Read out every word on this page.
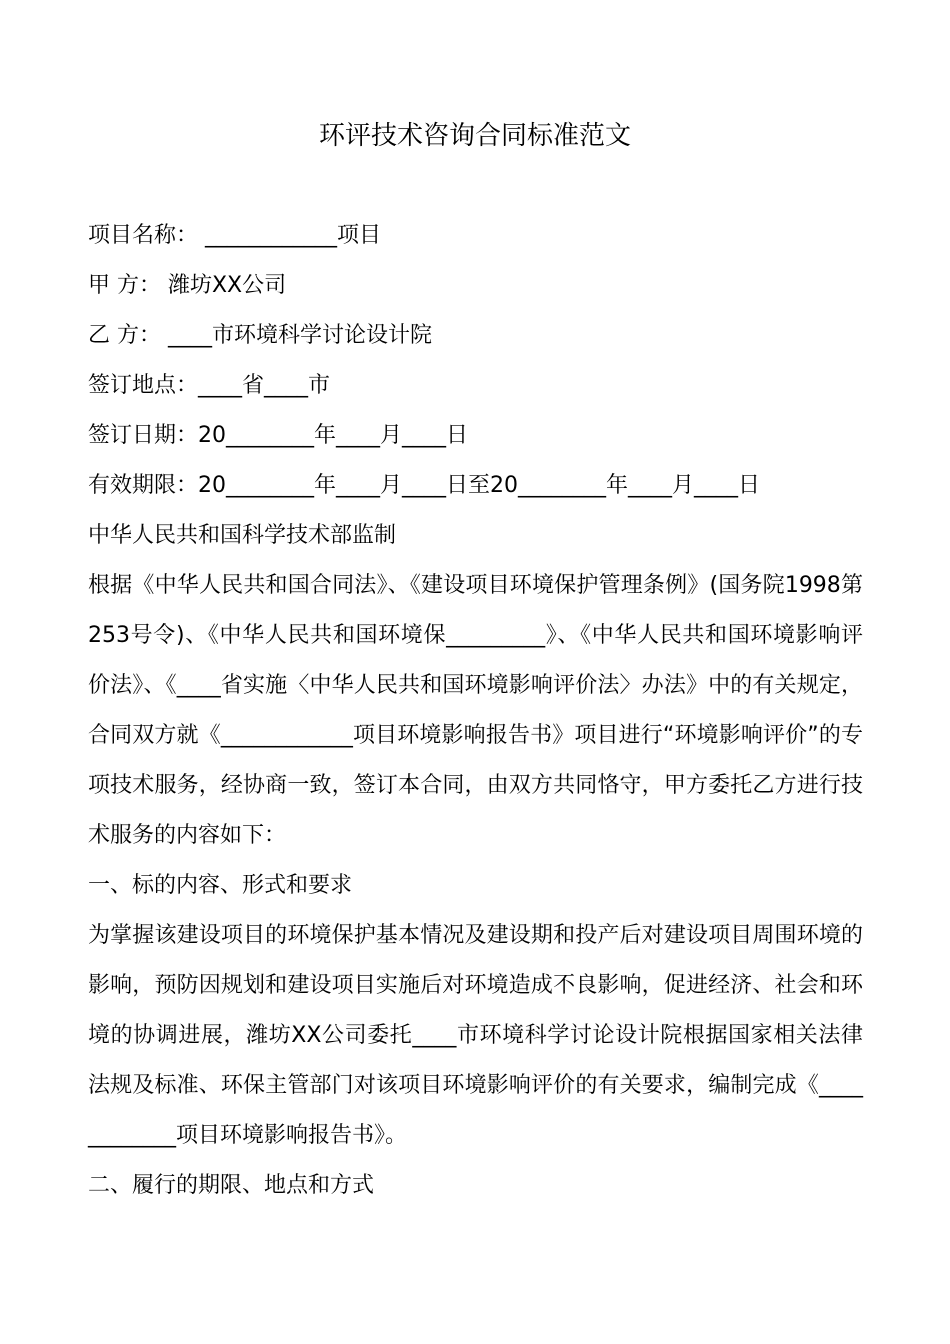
环评技术咨询合同标准范文
项目名称： ____________项目
甲 方： 潍坊XX公司
乙 方： ____市环境科学讨论设计院
签订地点：____省____市
签订日期：20________年____月____日
有效期限：20________年____月____日至20________年____月____日
中华人民共和国科学技术部监制
根据《中华人民共和国合同法》、《建设项目环境保护管理条例》(国务院1998第253号令)、《中华人民共和国环境保_________》、《中华人民共和国环境影响评价法》、《____省实施〈中华人民共和国环境影响评价法〉办法》中的有关规定，合同双方就《____________项目环境影响报告书》项目进行“环境影响评价”的专项技术服务，经协商一致，签订本合同，由双方共同恪守，甲方委托乙方进行技术服务的内容如下：
一、标的内容、形式和要求
为掌握该建设项目的环境保护基本情况及建设期和投产后对建设项目周围环境的影响，预防因规划和建设项目实施后对环境造成不良影响，促进经济、社会和环境的协调进展，潍坊XX公司委托____市环境科学讨论设计院根据国家相关法律法规及标准、环保主管部门对该项目环境影响评价的有关要求，编制完成《____________项目环境影响报告书》。
二、履行的期限、地点和方式
